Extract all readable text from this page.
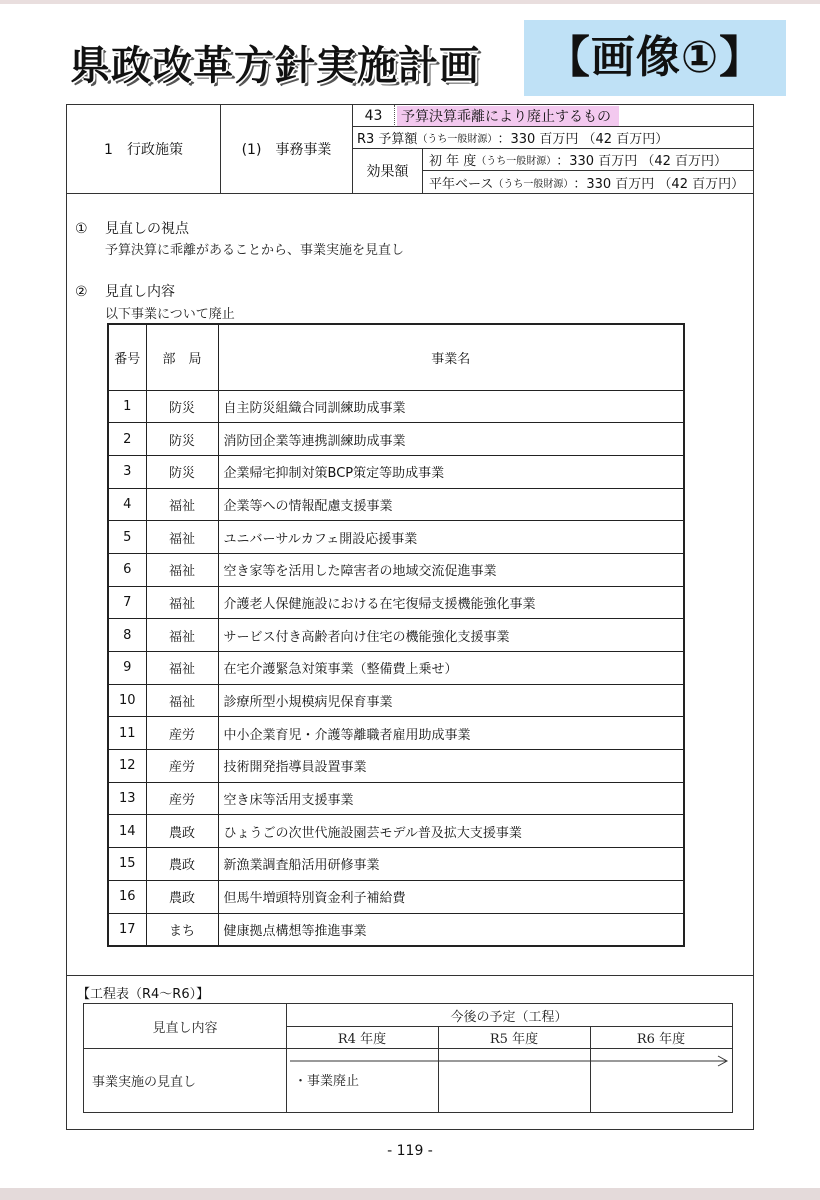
県政改革方針実施計画	【画像①】
1　行政施策	(1)　事務事業
43	予算決算乖離により廃止するもの
R3 予算額 （うち一般財源） ：330 百万円 （42 百万円）
効果額
初 年 度 （うち一般財源） ：330 百万円 （42 百万円）
平年ベース （うち一般財源） ：330 百万円 （42 百万円）
① 見直しの視点
予算決算に乖離があることから、事業実施を見直し
② 見直し内容
以下事業について廃止
番号	部　局	事業名
1	防災	自主防災組織合同訓練助成事業
2	防災	消防団企業等連携訓練助成事業
3	防災	企業帰宅抑制対策BCP策定等助成事業
4	福祉	企業等への情報配慮支援事業
5	福祉	ユニバーサルカフェ開設応援事業
6	福祉	空き家等を活用した障害者の地域交流促進事業
7	福祉	介護老人保健施設における在宅復帰支援機能強化事業
8	福祉	サービス付き高齢者向け住宅の機能強化支援事業
9	福祉	在宅介護緊急対策事業（整備費上乗せ）
10	福祉	診療所型小規模病児保育事業
11	産労	中小企業育児・介護等離職者雇用助成事業
12	産労	技術開発指導員設置事業
13	産労	空き床等活用支援事業
14	農政	ひょうごの次世代施設園芸モデル普及拡大支援事業
15	農政	新漁業調査船活用研修事業
16	農政	但馬牛増頭特別資金利子補給費
17	まち	健康拠点構想等推進事業
【工程表（R4～R6）】
見直し内容
今後の予定（工程）
R4 年度	R5 年度	R6 年度
事業実施の見直し	・事業廃止
- 119 -
